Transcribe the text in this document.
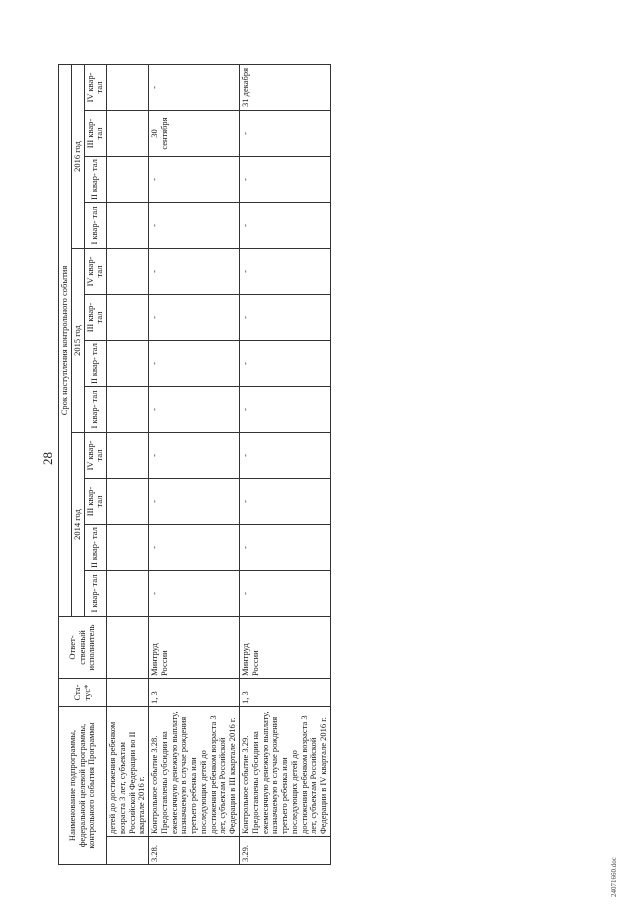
28
Наименование подпрограммы, федеральной целевой программы, контрольного события Программы		Ста- тус*	Ответ- ственный исполнитель	Срок наступления контрольного события											
				2014 год				2015 год				2016 год			
				I квар- тал	II квар- тал	III квар- тал	IV квар- тал	I квар- тал	II квар- тал	III квар- тал	IV квар- тал	I квар- тал	II квар- тал	III квар- тал	IV квар- тал
	детей до достижения ребенком возраста 3 лет, субъектам Российской Федерации во II квартале 2016 г.														
3.28.	Контрольное событие 3.28. Предоставлены субсидии на ежемесячную денежную выплату, назначаемую в случае рождения третьего ребенка или последующих детей до достижения ребенком возраста 3 лет, субъектам Российской Федерации в III квартале 2016 г.	1, 3	Минтруд России	-	-	-	-	-	-	-	-	-	-	30 сентября	-
3.29.	Контрольное событие 3.29. Предоставлены субсидии на ежемесячную денежную выплату, назначаемую в случае рождения третьего ребенка или последующих детей до достижения ребенком возраста 3 лет, субъектам Российской Федерации в IV квартале 2016 г.	1, 3	Минтруд России	-	-	-	-	-	-	-	-	-	-	-	31 декабря
24071660.doc
